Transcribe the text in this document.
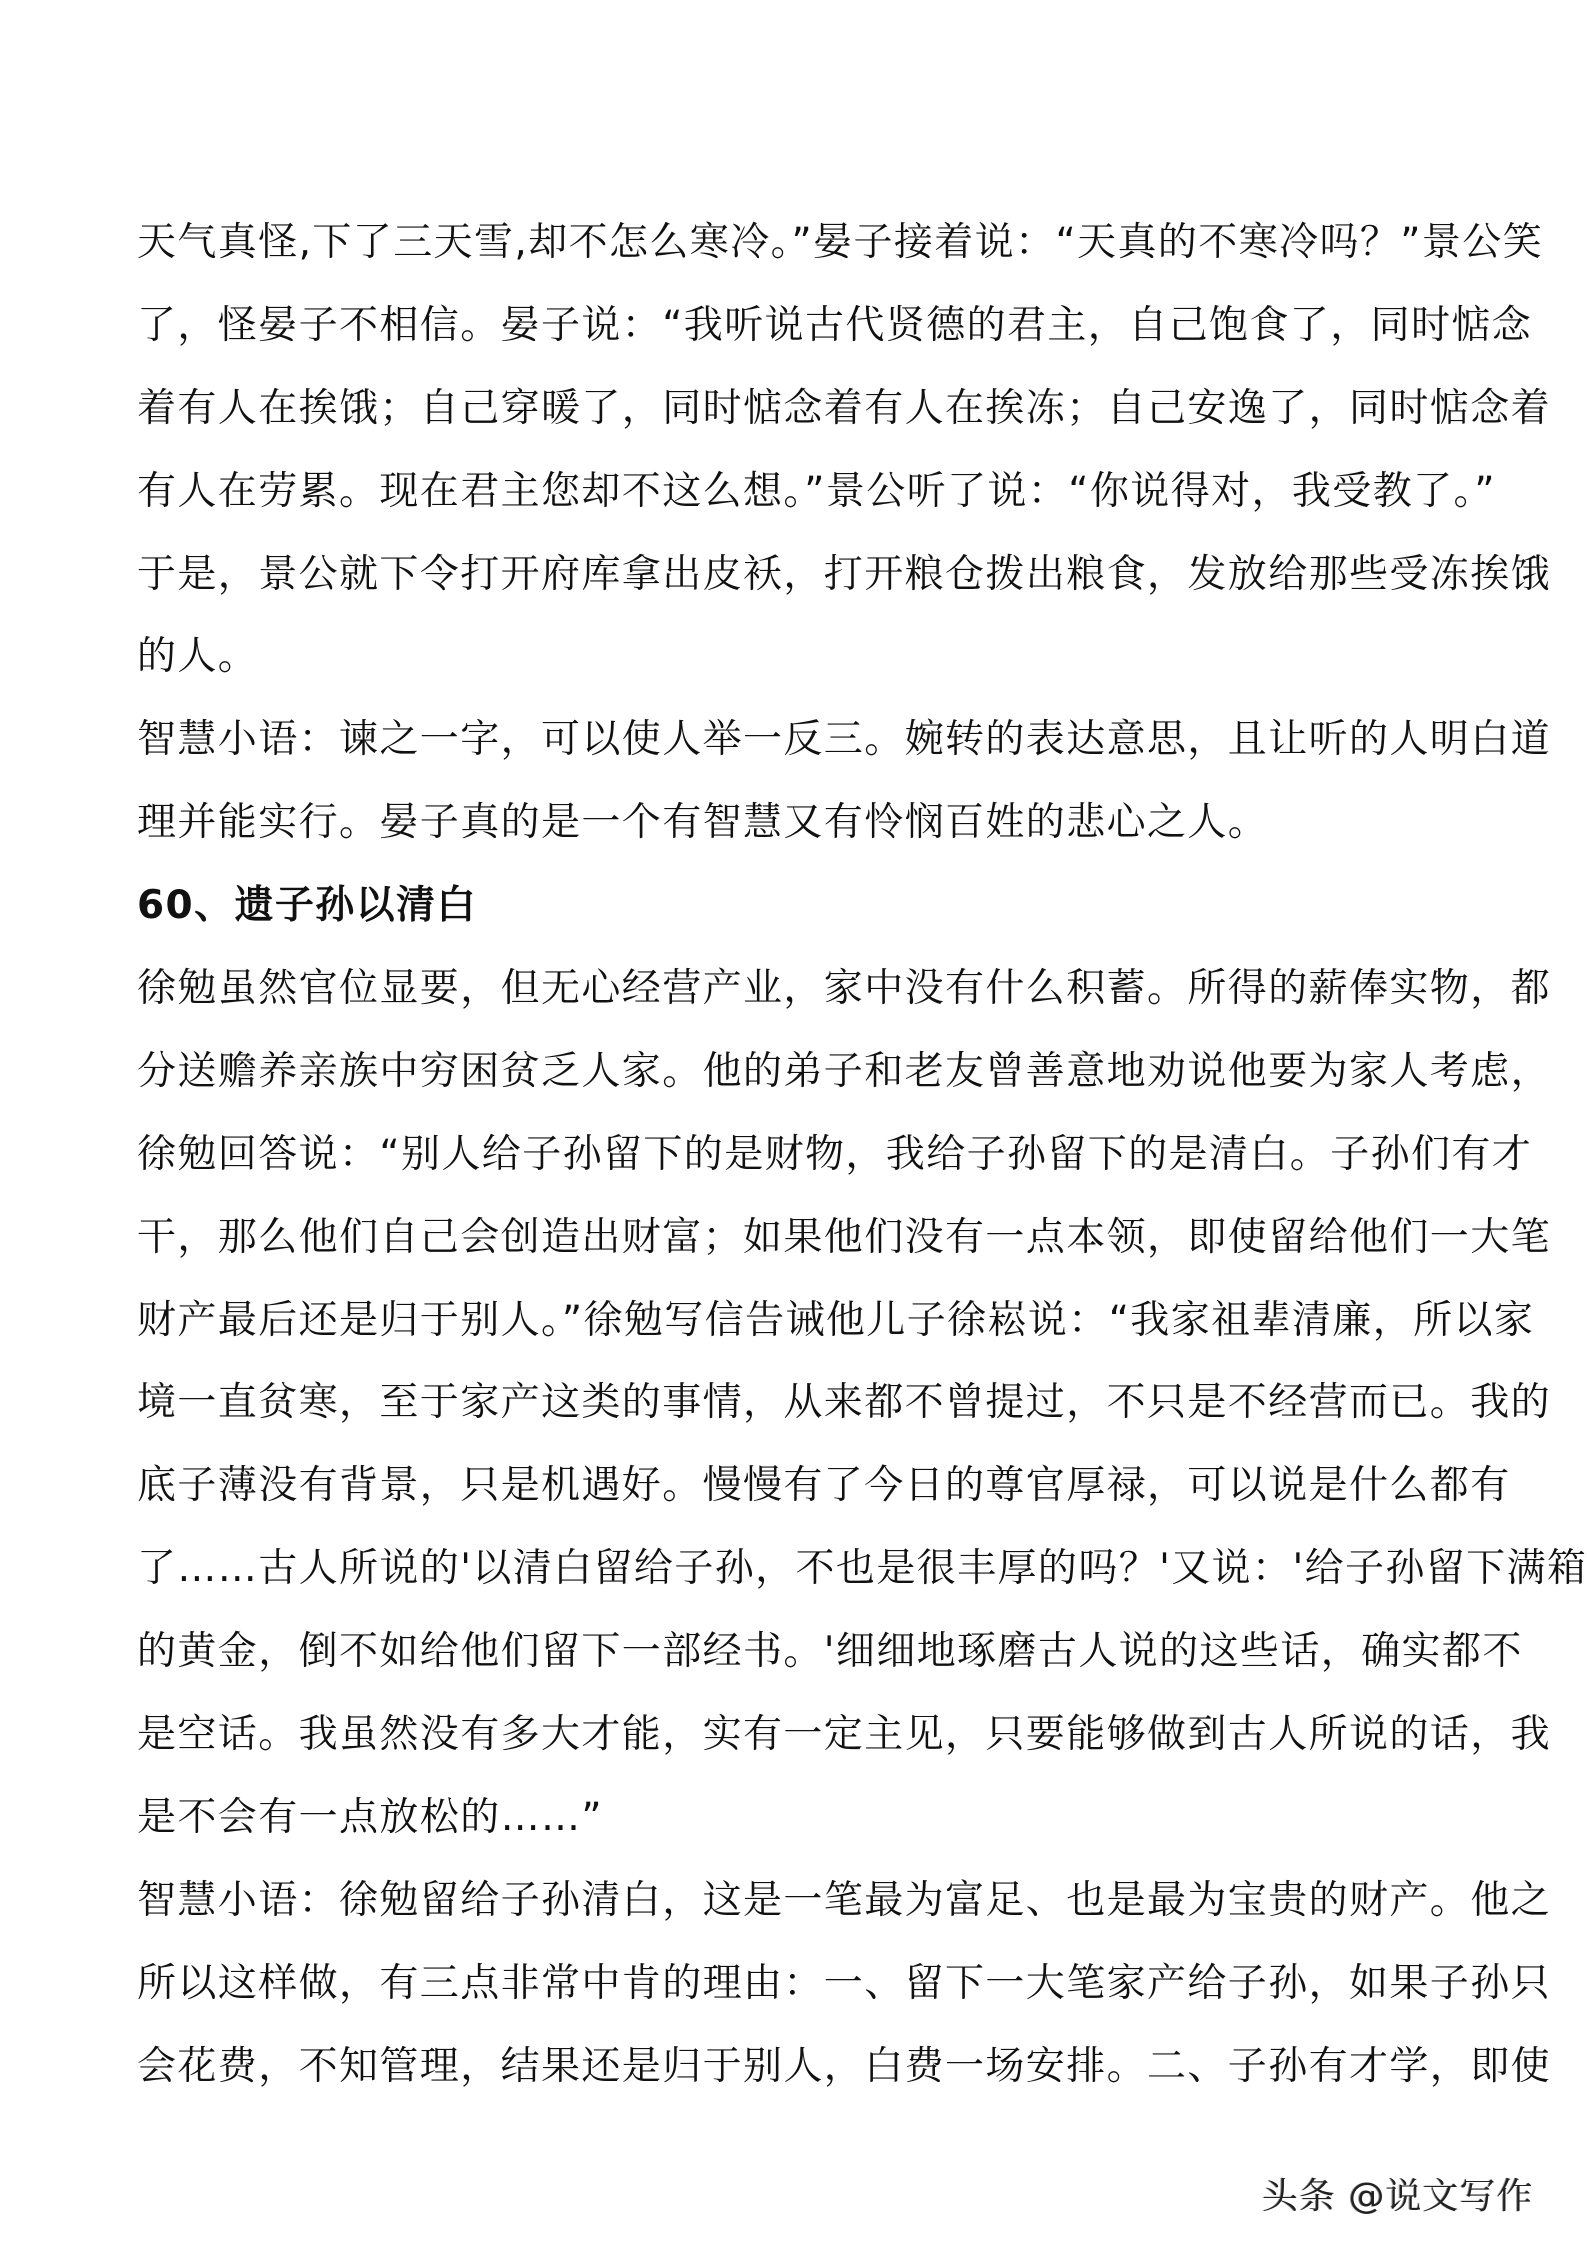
天气真怪,下了三天雪,却不怎么寒冷。”晏子接着说：“天真的不寒冷吗？”景公笑
了，怪晏子不相信。晏子说：“我听说古代贤德的君主，自己饱食了，同时惦念
着有人在挨饿；自己穿暖了，同时惦念着有人在挨冻；自己安逸了，同时惦念着
有人在劳累。现在君主您却不这么想。”景公听了说：“你说得对，我受教了。”
于是，景公就下令打开府库拿出皮袄，打开粮仓拨出粮食，发放给那些受冻挨饿
的人。
智慧小语：谏之一字，可以使人举一反三。婉转的表达意思，且让听的人明白道
理并能实行。晏子真的是一个有智慧又有怜悯百姓的悲心之人。
60、遗子孙以清白
徐勉虽然官位显要，但无心经营产业，家中没有什么积蓄。所得的薪俸实物，都
分送赡养亲族中穷困贫乏人家。他的弟子和老友曾善意地劝说他要为家人考虑，
徐勉回答说：“别人给子孙留下的是财物，我给子孙留下的是清白。子孙们有才
干，那么他们自己会创造出财富；如果他们没有一点本领，即使留给他们一大笔
财产最后还是归于别人。”徐勉写信告诫他儿子徐崧说：“我家祖辈清廉，所以家
境一直贫寒，至于家产这类的事情，从来都不曾提过，不只是不经营而已。我的
底子薄没有背景，只是机遇好。慢慢有了今日的尊官厚禄，可以说是什么都有
了……古人所说的'以清白留给子孙，不也是很丰厚的吗？'又说：'给子孙留下满箱
的黄金，倒不如给他们留下一部经书。'细细地琢磨古人说的这些话，确实都不
是空话。我虽然没有多大才能，实有一定主见，只要能够做到古人所说的话，我
是不会有一点放松的……”
智慧小语：徐勉留给子孙清白，这是一笔最为富足、也是最为宝贵的财产。他之
所以这样做，有三点非常中肯的理由：一、留下一大笔家产给子孙，如果子孙只
会花费，不知管理，结果还是归于别人，白费一场安排。二、子孙有才学，即使
头条 @说文写作
